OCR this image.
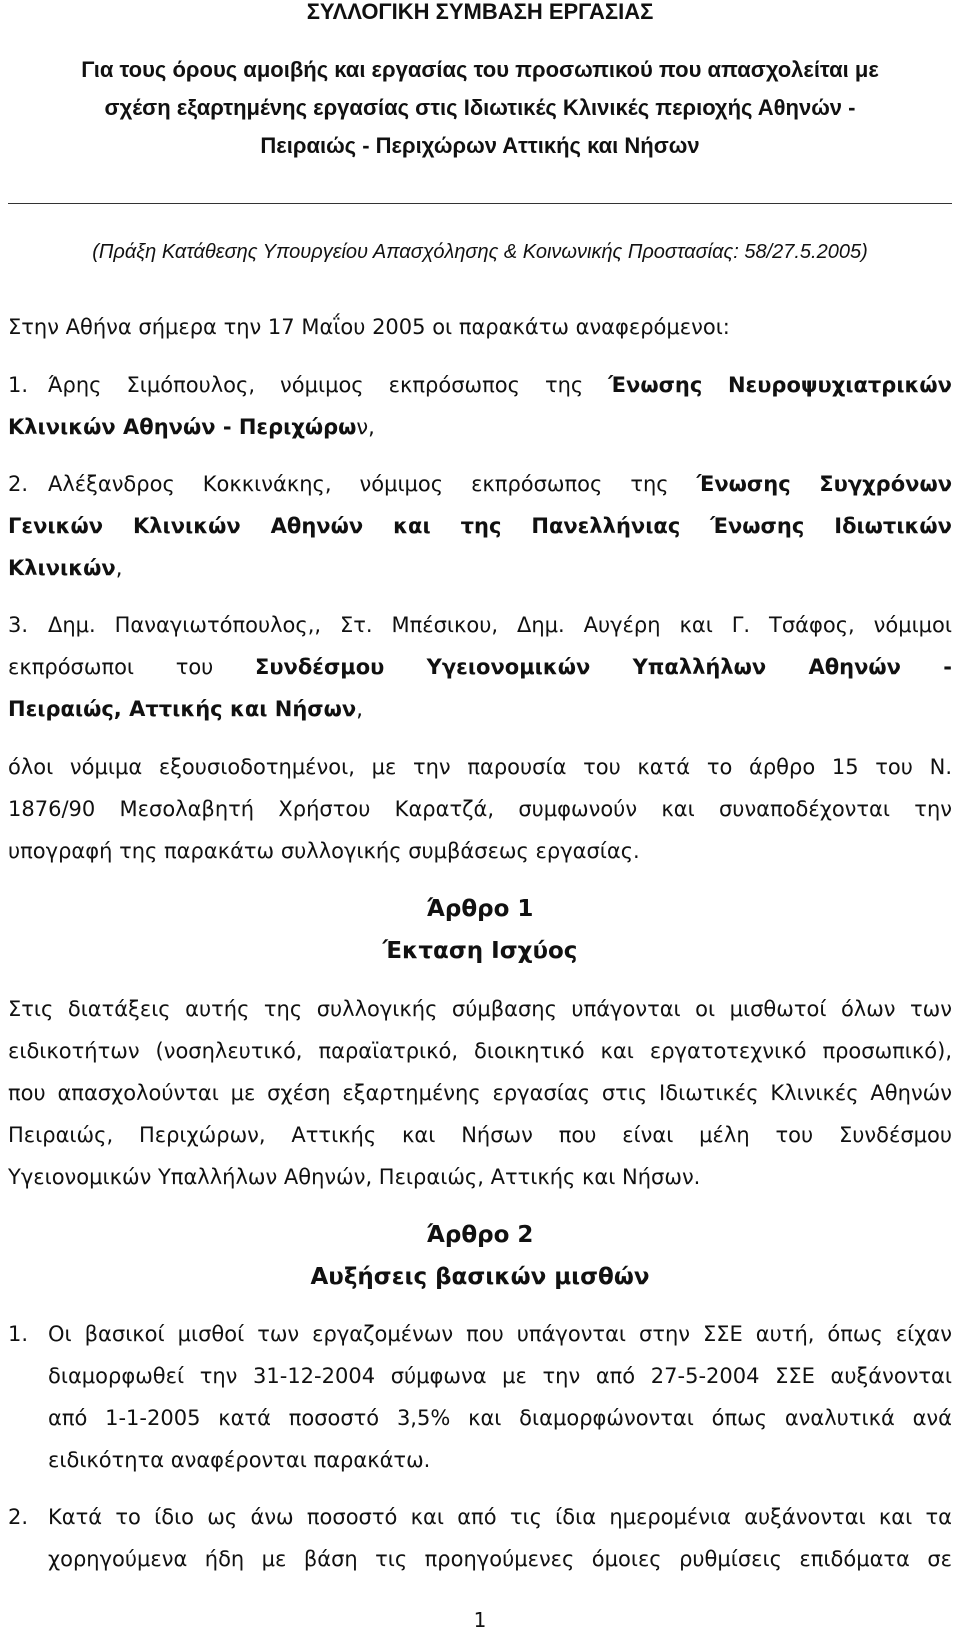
ΣΥΛΛΟΓΙΚΗ ΣΥΜΒΑΣΗ ΕΡΓΑΣΙΑΣ
Για τους όρους αμοιβής και εργασίας του προσωπικού που απασχολείται με
σχέση εξαρτημένης εργασίας στις Ιδιωτικές Κλινικές περιοχής Αθηνών -
Πειραιώς - Περιχώρων Αττικής και Νήσων
(Πράξη Κατάθεσης Υπουργείου Απασχόλησης & Κοινωνικής Προστασίας: 58/27.5.2005)
Στην Αθήνα σήμερα την 17 Μαΐου 2005 οι παρακάτω αναφερόμενοι:
1. Άρης Σιμόπουλος, νόμιμος εκπρόσωπος της Ένωσης Νευροψυχιατρικών
Κλινικών Αθηνών - Περιχώρων,
2. Αλέξανδρος Κοκκινάκης, νόμιμος εκπρόσωπος της Ένωσης Συγχρόνων
Γενικών Κλινικών Αθηνών και της Πανελλήνιας Ένωσης Ιδιωτικών
Κλινικών,
3. Δημ. Παναγιωτόπουλος,, Στ. Μπέσικου, Δημ. Αυγέρη και Γ. Τσάφος, νόμιμοι
εκπρόσωποι του Συνδέσμου Υγειονομικών Υπαλλήλων Αθηνών -
Πειραιώς, Αττικής και Νήσων,
όλοι νόμιμα εξουσιοδοτημένοι, με την παρουσία του κατά το άρθρο 15 του Ν.
1876/90 Μεσολαβητή Χρήστου Καρατζά, συμφωνούν και συναποδέχονται την
υπογραφή της παρακάτω συλλογικής συμβάσεως εργασίας.
Άρθρο 1
Έκταση Ισχύος
Στις διατάξεις αυτής της συλλογικής σύμβασης υπάγονται οι μισθωτοί όλων των
ειδικοτήτων (νοσηλευτικό, παραϊατρικό, διοικητικό και εργατοτεχνικό προσωπικό),
που απασχολούνται με σχέση εξαρτημένης εργασίας στις Ιδιωτικές Κλινικές Αθηνών
Πειραιώς, Περιχώρων, Αττικής και Νήσων που είναι μέλη του Συνδέσμου
Υγειονομικών Υπαλλήλων Αθηνών, Πειραιώς, Αττικής και Νήσων.
Άρθρο 2
Αυξήσεις βασικών μισθών
1. Οι βασικοί μισθοί των εργαζομένων που υπάγονται στην ΣΣΕ αυτή, όπως είχαν
διαμορφωθεί την 31-12-2004 σύμφωνα με την από 27-5-2004 ΣΣΕ αυξάνονται
από 1-1-2005 κατά ποσοστό 3,5% και διαμορφώνονται όπως αναλυτικά ανά
ειδικότητα αναφέρονται παρακάτω.
2. Κατά το ίδιο ως άνω ποσοστό και από τις ίδια ημερομένια αυξάνονται και τα
χορηγούμενα ήδη με βάση τις προηγούμενες όμοιες ρυθμίσεις επιδόματα σε
1
